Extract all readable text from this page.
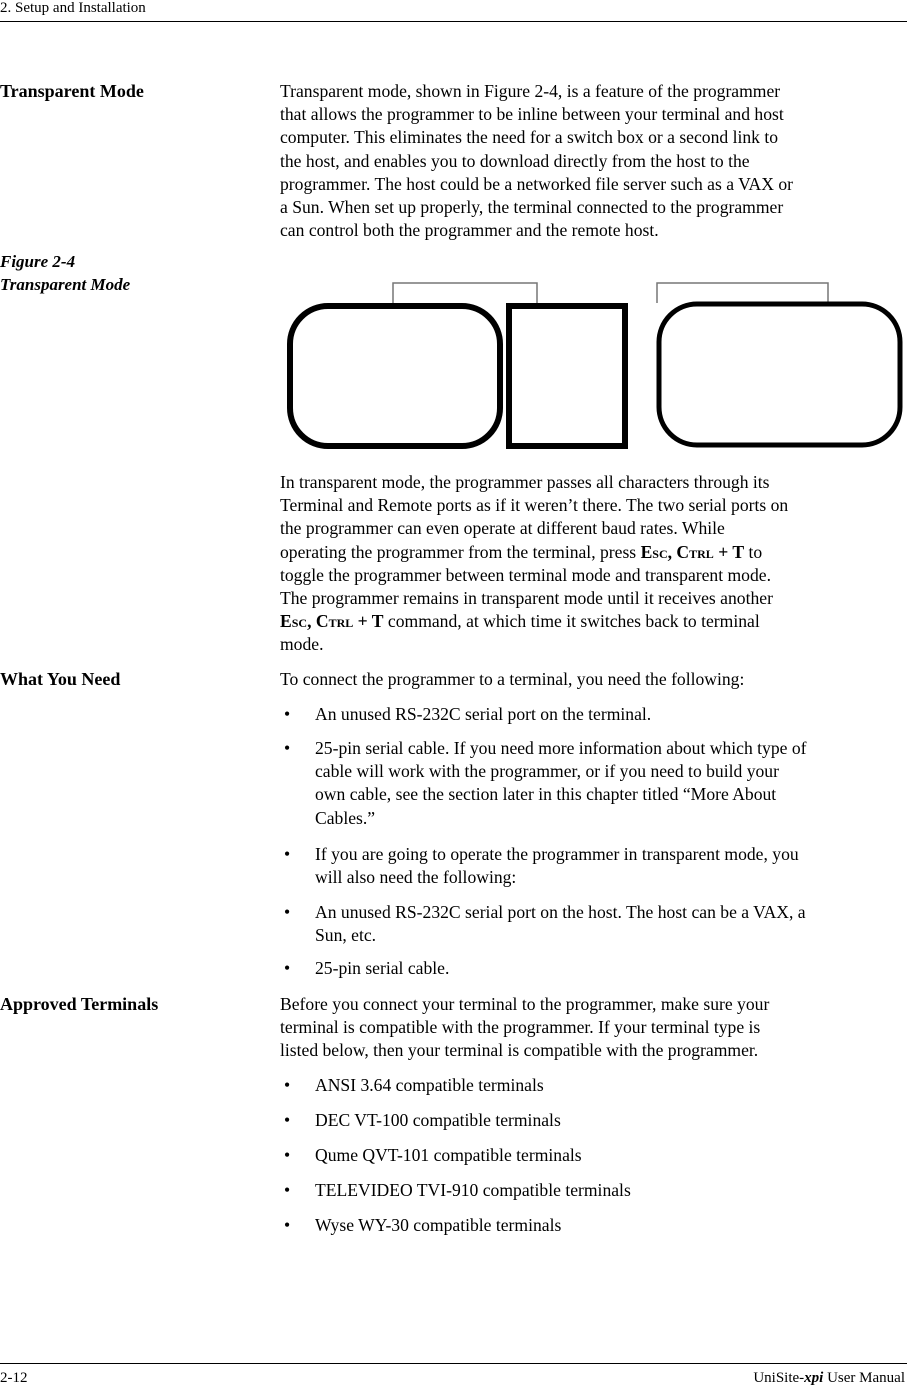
2. Setup and Installation
Transparent Mode	Transparent mode, shown in Figure 2-4, is a feature of the programmer
that allows the programmer to be inline between your terminal and host
computer. This eliminates the need for a switch box or a second link to
the host, and enables you to download directly from the host to the
programmer. The host could be a networked file server such as a VAX or
a Sun. When set up properly, the terminal connected to the programmer
can control both the programmer and the remote host.
Figure 2-4
Transparent Mode
In transparent mode, the programmer passes all characters through its
Terminal and Remote ports as if it weren’t there. The two serial ports on
the programmer can even operate at different baud rates. While
operating the programmer from the terminal, press Esc, Ctrl + T to
toggle the programmer between terminal mode and transparent mode.
The programmer remains in transparent mode until it receives another
Esc, Ctrl + T command, at which time it switches back to terminal
mode.
What You Need	To connect the programmer to a terminal, you need the following:
• An unused RS-232C serial port on the terminal.
• 25-pin serial cable. If you need more information about which type of
cable will work with the programmer, or if you need to build your
own cable, see the section later in this chapter titled “More About
Cables.”
• If you are going to operate the programmer in transparent mode, you
will also need the following:
• An unused RS-232C serial port on the host. The host can be a VAX, a
Sun, etc.
• 25-pin serial cable.
Approved Terminals	Before you connect your terminal to the programmer, make sure your
terminal is compatible with the programmer. If your terminal type is
listed below, then your terminal is compatible with the programmer.
• ANSI 3.64 compatible terminals
• DEC VT-100 compatible terminals
• Qume QVT-101 compatible terminals
• TELEVIDEO TVI-910 compatible terminals
• Wyse WY-30 compatible terminals
2-12	UniSite-xpi User Manual
